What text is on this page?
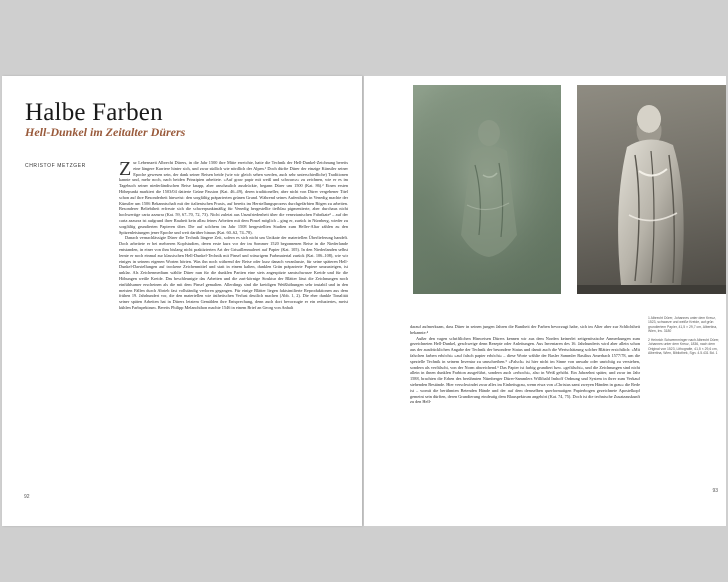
Halbe Farben
Hell-Dunkel im Zeitalter Dürers
CHRISTOF METZGER Zur Lebenszeit Albrecht Dürers, in die Jahr 1500 ihre Mitte erreichte, hatte die Technik der Hell-Dunkel-Zeichnung bereits eine längere Karriere hinter sich, und zwar südlich wie nördlich der Alpen.¹ Doch dürfte Dürer der einzige Künstler seiner Epoche gewesen sein, der dank seiner Reisen beide (wie wir gleich sehen werden, auch sehr unterschiedliche) Traditionen kannte und, mehr noch, nach beiden Prinzipien arbeitete. »Auf graw papir mit weiß und schwarcz« zu zeichnen, wie er es im Tagebuch seiner niederländischen Reise knapp, aber anschaulich ausdrückte, begann Dürer um 1500 (Kat. 86).² Einen ersten Höhepunkt markiert die 1503/04 datierte Grüne Passion (Kat. 46–49), deren traditioneller, aber nicht von Dürer vergebener Titel schon auf ihre Besonderheit hinweist: den sorgfältig präparierten grünen Grund. Während seines Aufenthalts in Venedig machte der Künstler um 1506 Bekanntschaft mit der italienischen Praxis, auf bereits im Herstellungsprozess durchgefärbten Bögen zu arbeiten. Besonderer Beliebtheit erfreute sich die schwerpunktmäßig für Venedig hergestellte tiefblau pigmentierte, aber durchaus nicht hochwertige carta azzurra (Kat. 59, 67–70, 72, 73). Nicht zuletzt aus Unzufriedenheit über die venezianischen Fabrikate³ – auf der carta azzurra ist aufgrund ihrer Rauheit kein allzu feines Arbeiten mit dem Pinsel möglich – ging er, zurück in Nürnberg, wieder zu sorgfältig grundierten Papieren über. Die auf solchem im Jahr 1508 hergestellten Studien zum Heller-Altar zählen zu den Spitzenleistungen jener Epoche und weit darüber hinaus (Kat. 60–62, 74–78).

Danach vernachlässigte Dürer die Technik längere Zeit, sofern es sich nicht um Unikate der materiellen Überlieferung handelt. Doch arbeitete er bei mehreren Kopfstudien, deren erste kurz vor der im Sommer 1520 begonnenen Reise in die Niederlande entstanden, in einer von ihm bislang nicht praktizierten Art der Grisaillenmalerei auf Papier (Kat. 105). In den Niederlanden selbst lernte er noch einmal zur klassischen Hell-Dunkel-Technik mit Pinsel und wässrigem Farbmaterial zurück (Kat. 106–108), wie wir einiges in seinem eigenen Worten hörten. Was ihn noch während der Reise oder kurz danach veranlasste, für seine späteren Hell-Dunkel-Darstellungen auf trockene Zeichenmittel und statt in einem kalten, dunklen Grün präparierte Papiere umzusteigen, ist unklar. Als Zeichenmedium wählte Dürer nun für die dunklen Partien eine stets angespitzte samtschwarze Kreide und für die Höhungen weiße Kreide. Das beschleunigte das Arbeiten und die zart-körnige Struktur der Blätter lässt die Zeichnungen noch einfühlsamer erscheinen als die mit dem Pinsel gemalten. Allerdings sind die kreidigen Weißhöhungen sehr instabil und in den meisten Fällen durch Abrieb fast vollständig verloren gegangen. Für einige Blätter liegen faktsimilierte Reproduktionen aus dem frühen 19. Jahrhundert vor, die den materiellen wie ästhetischen Verlust deutlich machen (Abb. 1, 2). Die eher dunkle Tonalität seiner späten Arbeiten hat in Dürers letztem Gemälden ihre Entsprechung, denn auch dort bevorzugte er ein reduziertes, meist kühlen Farbspektrum. Bereits Philipp Melanchthon machte 1546 in einem Brief an Georg von Anhalt

92
1 Albrecht Dürer, Johannes unter dem Kreuz, 1523, schwarze und weiße Kreide, auf grün grundiertem Papier, 41,5 × 29,7 cm, Albertina, Wien, Inv. 3180
2 Heinrich Schwemminger nach Albrecht Dürer, Johannes unter dem Kreuz, 1836, nach dem Original von 1523, Lithografie, 41,5 × 29,6 cm, Albertina, Wien, Bibliothek, Sgn. 4.5.431 Bd. 1

darauf aufmerksam, dass Dürer in seinen jungen Jahren die Buntheit der Farben bevorzugt habe, sich im Alter aber zur Schlichtheit bekannte.⁴

Außer den vagen schriftlichen Hinweisen Dürers kennen wir aus dem Norden keinerlei zeitgenössische Anmerkungen zum gezeichneten Hell-Dunkel, geschweige denn Rezepte oder Anleitungen. Aus Inventaren des 16. Jahrhunderts wird aber allein schon aus der ausdrücklichen Angabe der Technik der besondere Status und damit auch die Wertschätzung solcher Blätter ersichtlich: »Mit falschen farben erhöcht« »auf falsch papier erhöcht« – diese Worte wählte der Basler Sammler Basilius Amerbach 1577/78, um die spezielle Technik in seinem Inventar zu umschreiben.⁵ »Falsch« ist hier nicht im Sinne von unwahr oder unrichtig zu verstehen, sondern als verfälscht, von der Norm abweichend.⁶ Das Papier ist farbig grundiert bzw. »gefälscht«, und die Zeichnungen sind nicht allein in ihnen dunklen Farbton ausgeführt, sondern auch »erhocht«, also in Weiß gehöht. Ein Jahrzehnt später, und zwar im Jahr 1588, brachten die Erben des berühmten Nürnberger Dürer-Sammlers Willibald Imhoff Ordnung und System in ihrer zum Verkauf stehenden Bestände. Hier verschwindet zwar alles im Einheitsgrau, wenn etwa von »Christus samt zweyen Händen in grau« die Rede ist – womit die berühmten Betenden Hände und der auf dem demselben querformatigen Papierbogen gezeichnete Apostelkopf gemeint sein dürften, deren Grundierung eindeutig dem Blauspektrum angehört (Kat. 74, 75). Doch ist die technische Zusatzauskunft zu den Hell-

93
